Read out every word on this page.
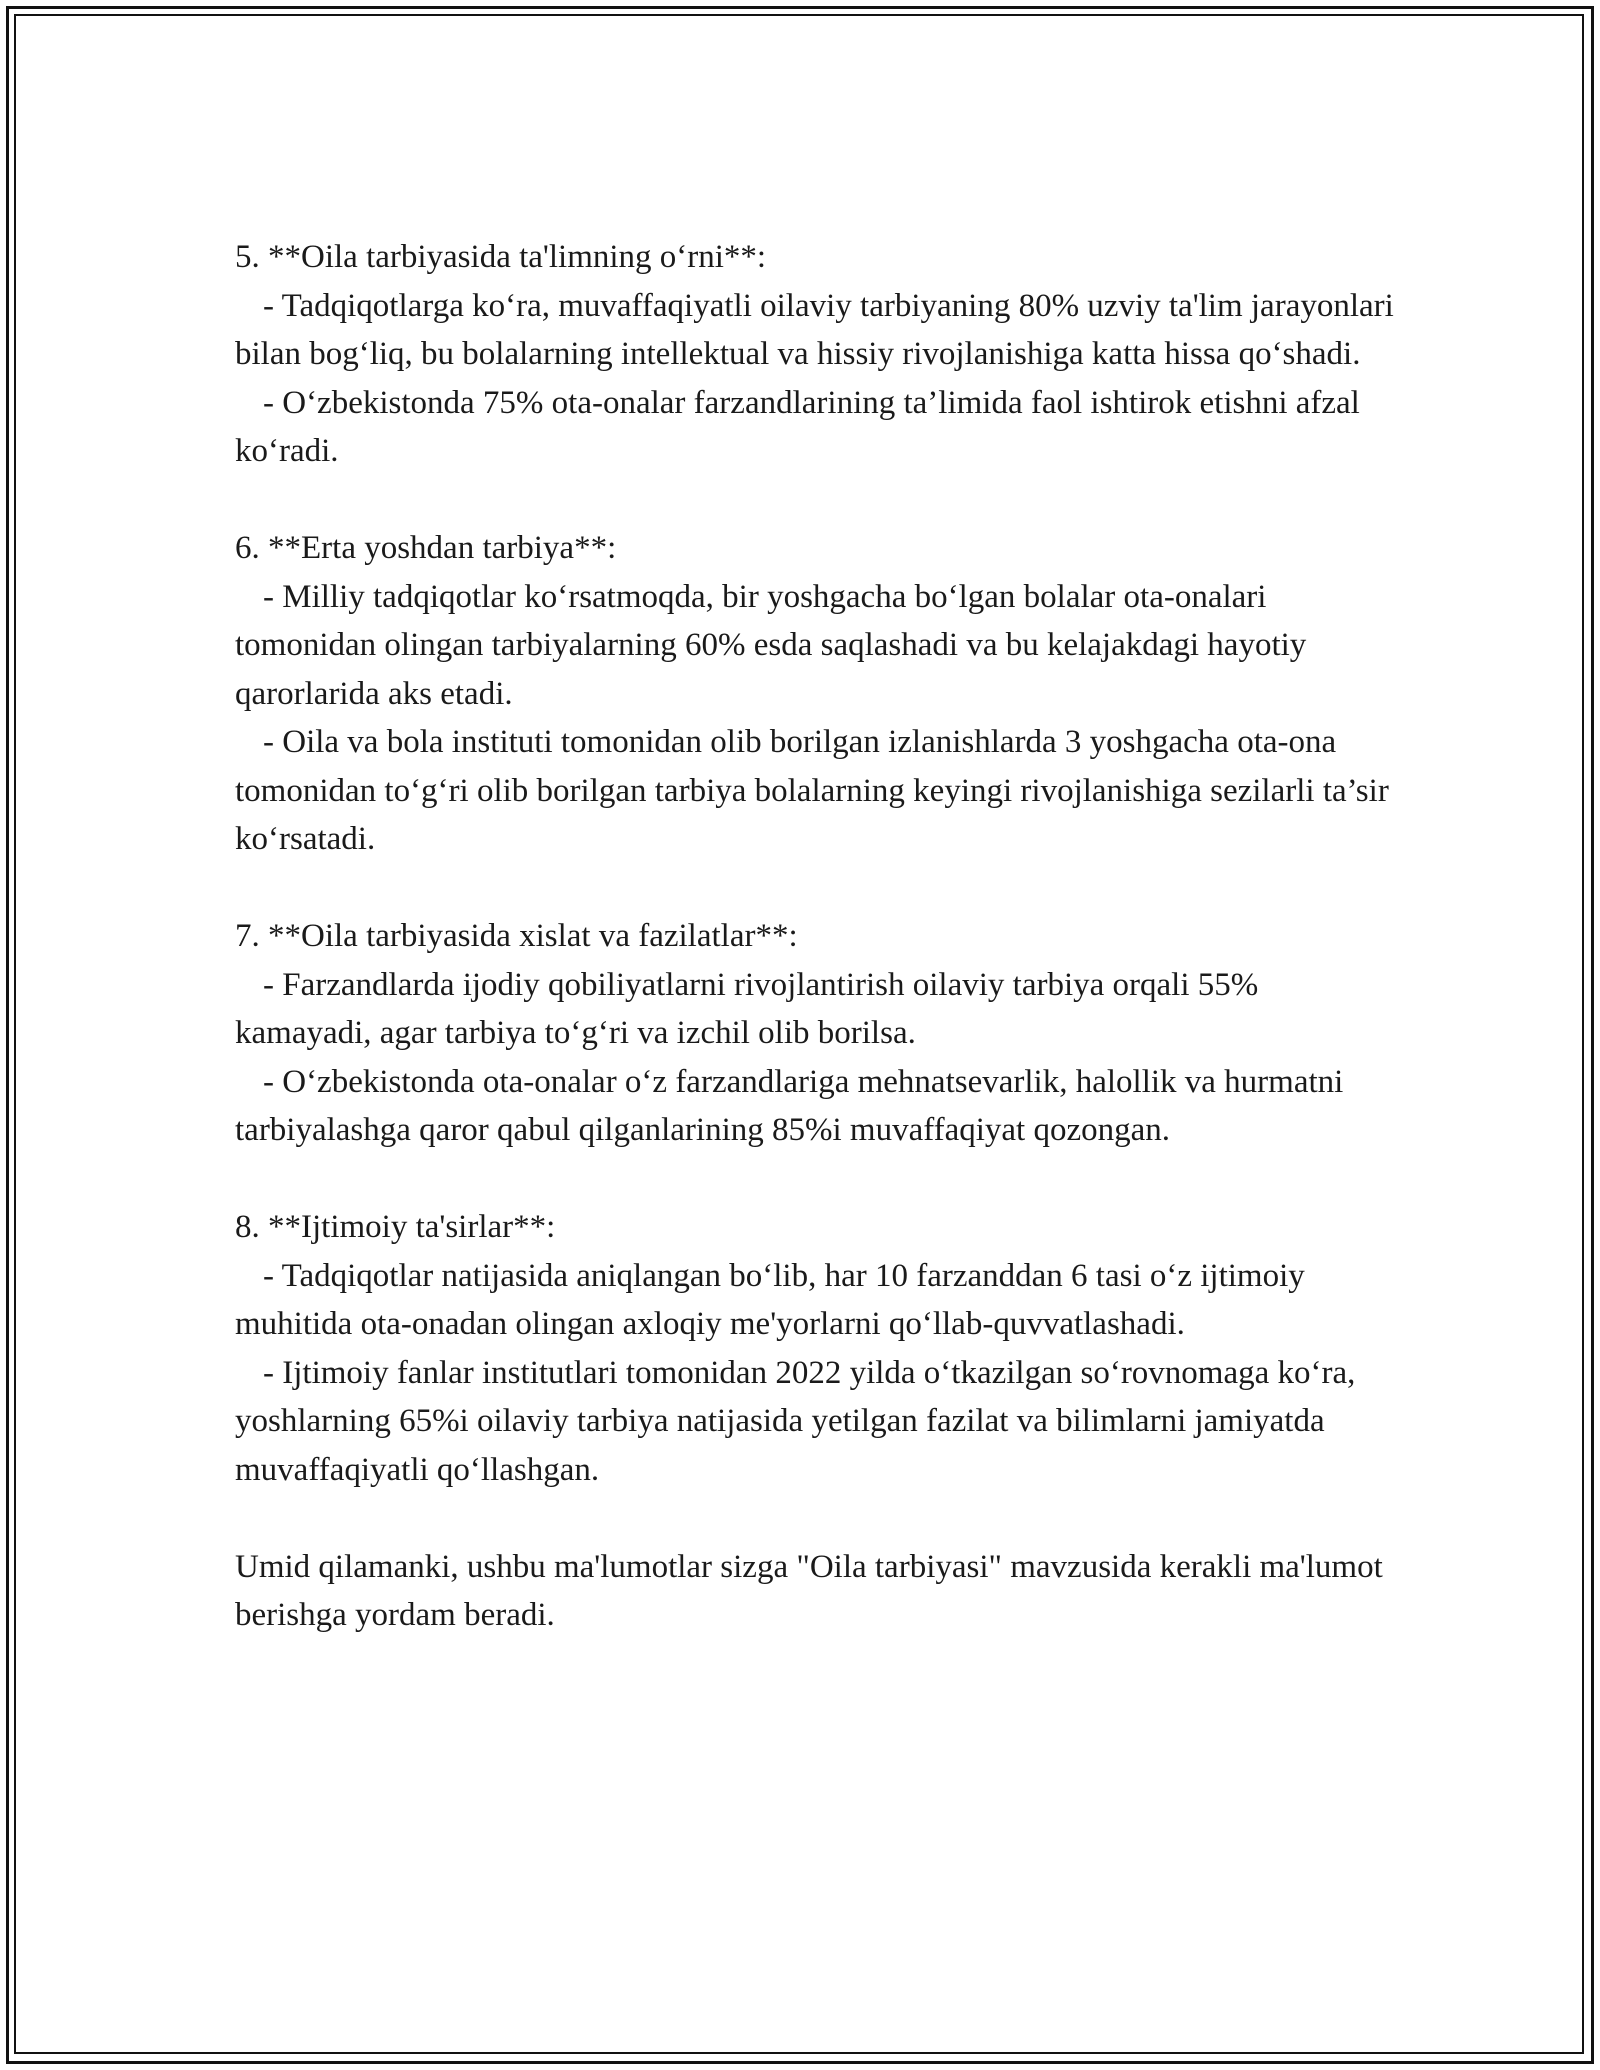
5. **Oila tarbiyasida ta'limning o‘rni**:
- Tadqiqotlarga ko‘ra, muvaffaqiyatli oilaviy tarbiyaning 80% uzviy ta'lim jarayonlari bilan bog‘liq, bu bolalarning intellektual va hissiy rivojlanishiga katta hissa qo‘shadi.
- O‘zbekistonda 75% ota-onalar farzandlarining ta’limida faol ishtirok etishni afzal ko‘radi.
6. **Erta yoshdan tarbiya**:
- Milliy tadqiqotlar ko‘rsatmoqda, bir yoshgacha bo‘lgan bolalar ota-onalari tomonidan olingan tarbiyalarning 60% esda saqlashadi va bu kelajakdagi hayotiy qarorlarida aks etadi.
- Oila va bola instituti tomonidan olib borilgan izlanishlarda 3 yoshgacha ota-ona tomonidan to‘g‘ri olib borilgan tarbiya bolalarning keyingi rivojlanishiga sezilarli ta’sir ko‘rsatadi.
7. **Oila tarbiyasida xislat va fazilatlar**:
- Farzandlarda ijodiy qobiliyatlarni rivojlantirish oilaviy tarbiya orqali 55% kamayadi, agar tarbiya to‘g‘ri va izchil olib borilsa.
- O‘zbekistonda ota-onalar o‘z farzandlariga mehnatsevarlik, halollik va hurmatni tarbiyalashga qaror qabul qilganlarining 85%i muvaffaqiyat qozongan.
8. **Ijtimoiy ta'sirlar**:
- Tadqiqotlar natijasida aniqlangan bo‘lib, har 10 farzanddan 6 tasi o‘z ijtimoiy muhitida ota-onadan olingan axloqiy me'yorlarni qo‘llab-quvvatlashadi.
- Ijtimoiy fanlar institutlari tomonidan 2022 yilda o‘tkazilgan so‘rovnomaga ko‘ra, yoshlarning 65%i oilaviy tarbiya natijasida yetilgan fazilat va bilimlarni jamiyatda muvaffaqiyatli qo‘llashgan.
Umid qilamanki, ushbu ma'lumotlar sizga "Oila tarbiyasi" mavzusida kerakli ma'lumot berishga yordam beradi.
